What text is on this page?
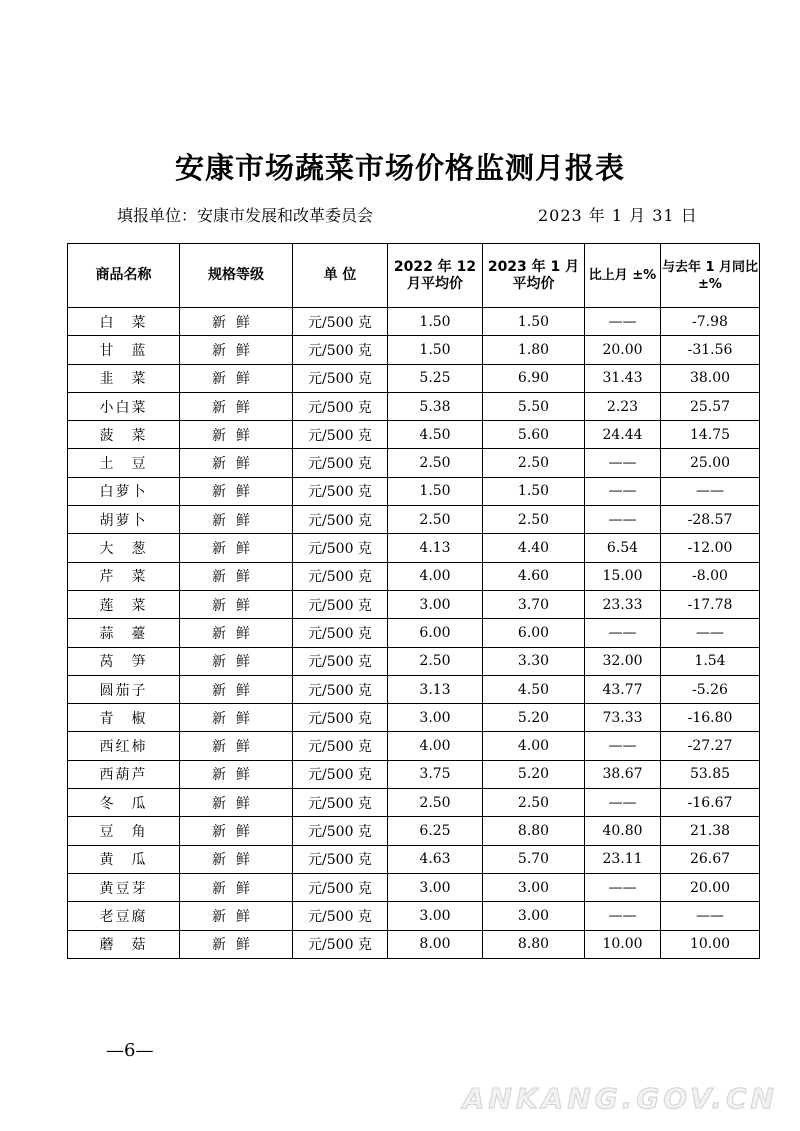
安康市场蔬菜市场价格监测月报表
填报单位：安康市发展和改革委员会	2023 年 1 月 31 日
商品名称	规格等级	单 位	2022 年 12 月平均价	2023 年 1 月平均价	比上月 ±%	与去年 1 月同比±%
白　菜	新鲜	元/500 克	1.50	1.50	——	-7.98
甘　蓝	新鲜	元/500 克	1.50	1.80	20.00	-31.56
韭　菜	新鲜	元/500 克	5.25	6.90	31.43	38.00
小白菜	新鲜	元/500 克	5.38	5.50	2.23	25.57
菠　菜	新鲜	元/500 克	4.50	5.60	24.44	14.75
土　豆	新鲜	元/500 克	2.50	2.50	——	25.00
白萝卜	新鲜	元/500 克	1.50	1.50	——	——
胡萝卜	新鲜	元/500 克	2.50	2.50	——	-28.57
大　葱	新鲜	元/500 克	4.13	4.40	6.54	-12.00
芹　菜	新鲜	元/500 克	4.00	4.60	15.00	-8.00
莲　菜	新鲜	元/500 克	3.00	3.70	23.33	-17.78
蒜　薹	新鲜	元/500 克	6.00	6.00	——	——
莴　笋	新鲜	元/500 克	2.50	3.30	32.00	1.54
圆茄子	新鲜	元/500 克	3.13	4.50	43.77	-5.26
青　椒	新鲜	元/500 克	3.00	5.20	73.33	-16.80
西红柿	新鲜	元/500 克	4.00	4.00	——	-27.27
西葫芦	新鲜	元/500 克	3.75	5.20	38.67	53.85
冬　瓜	新鲜	元/500 克	2.50	2.50	——	-16.67
豆　角	新鲜	元/500 克	6.25	8.80	40.80	21.38
黄　瓜	新鲜	元/500 克	4.63	5.70	23.11	26.67
黄豆芽	新鲜	元/500 克	3.00	3.00	——	20.00
老豆腐	新鲜	元/500 克	3.00	3.00	——	——
蘑　菇	新鲜	元/500 克	8.00	8.80	10.00	10.00
—6—
ANKANG.GOV.CN
